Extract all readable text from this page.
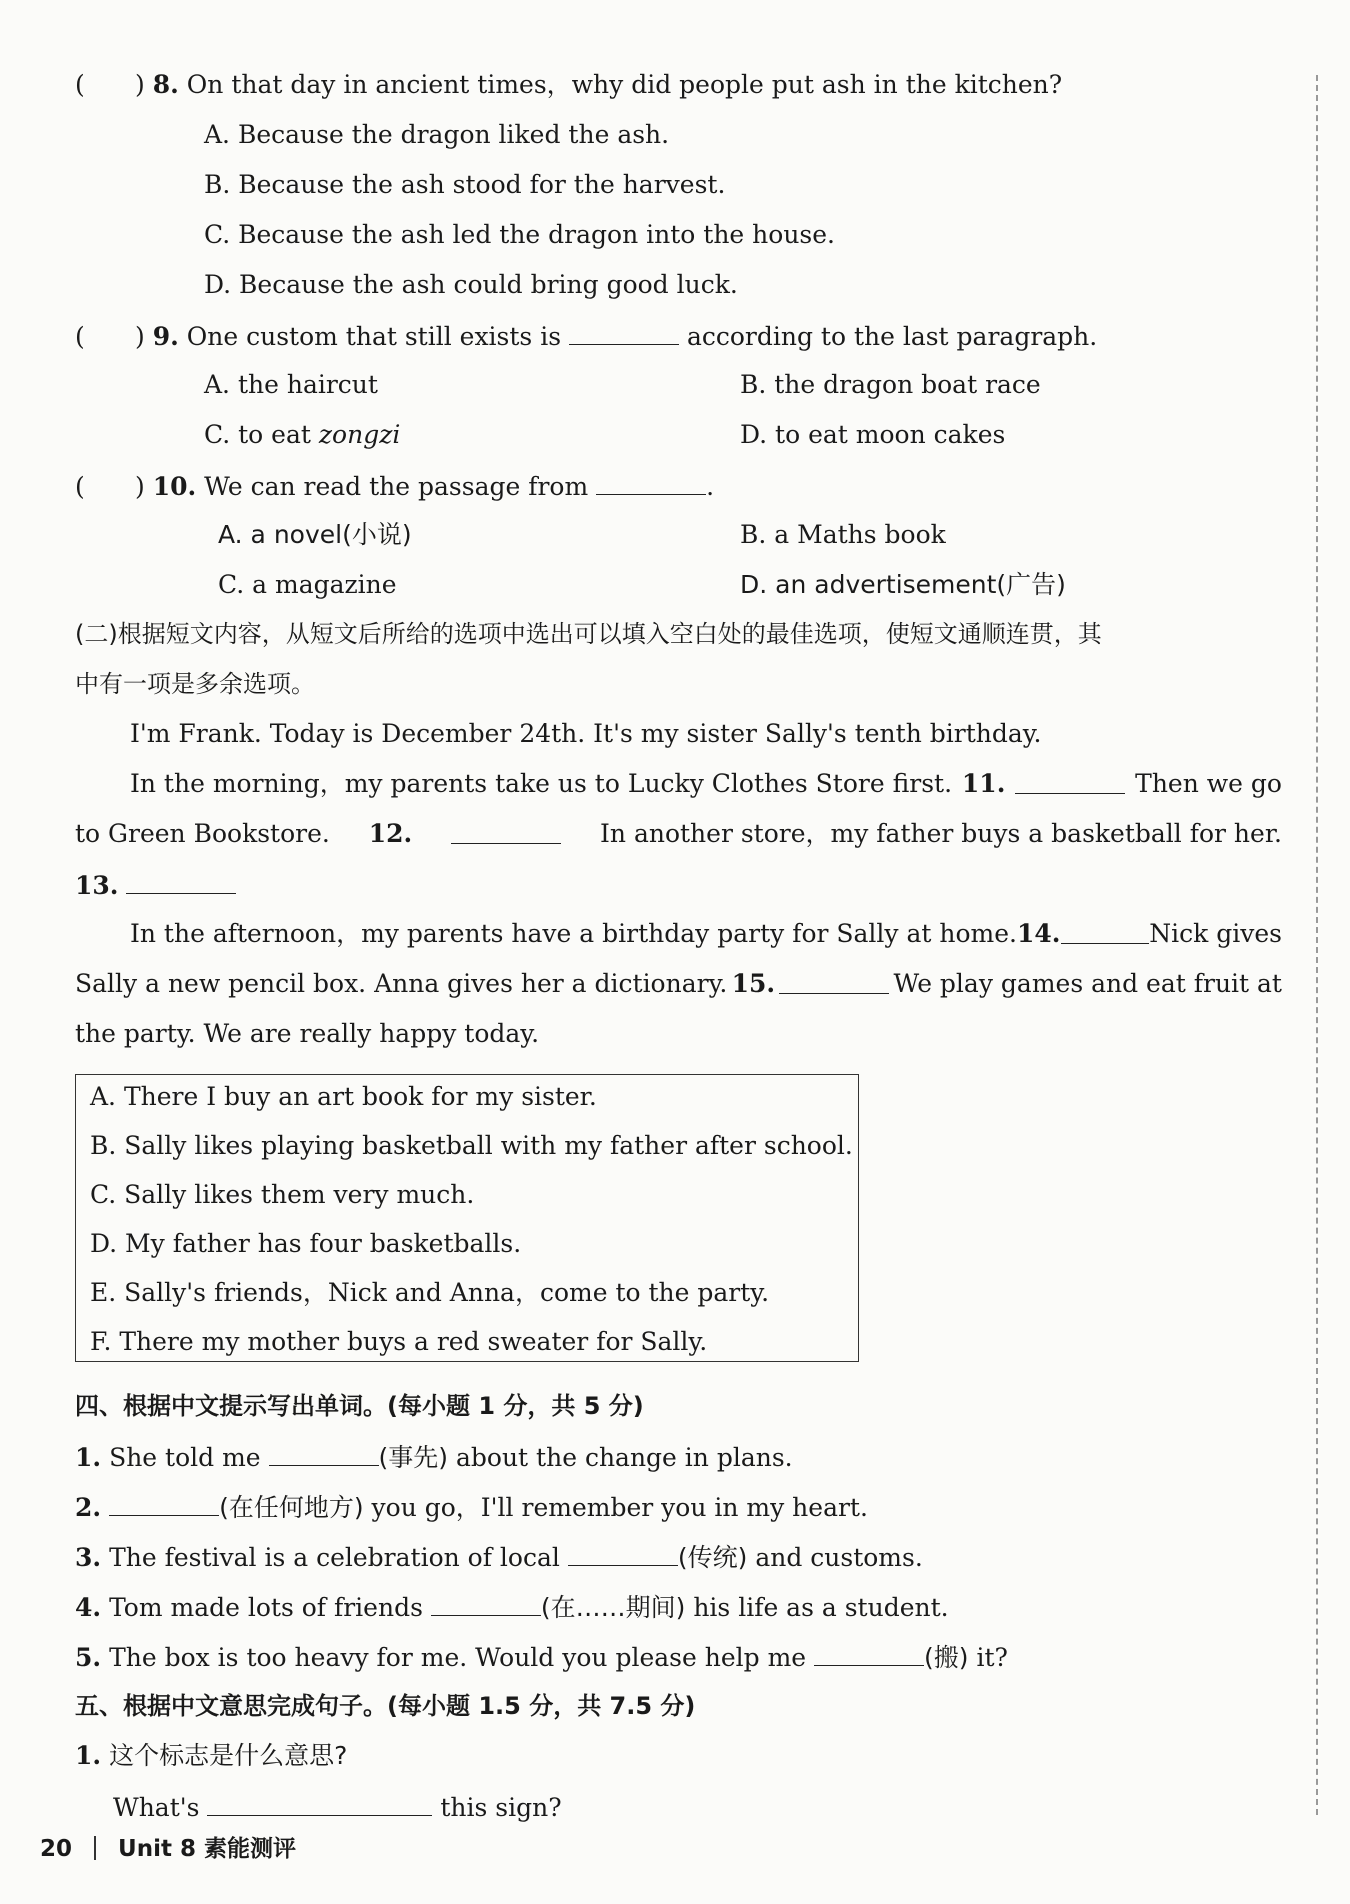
( ) 8. On that day in ancient times，why did people put ash in the kitchen?
A. Because the dragon liked the ash.
B. Because the ash stood for the harvest.
C. Because the ash led the dragon into the house.
D. Because the ash could bring good luck.
( ) 9. One custom that still exists is	according to the last paragraph.
A. the haircut	B. the dragon boat race
C. to eat zongzi	D. to eat moon cakes
( ) 10. We can read the passage from	.
A. a novel(小说)	B. a Maths book
C. a magazine	D. an advertisement(广告)
(二)根据短文内容，从短文后所给的选项中选出可以填入空白处的最佳选项，使短文通顺连贯，其
中有一项是多余选项。
I'm Frank. Today is December 24th. It's my sister Sally's tenth birthday.
In the morning，my parents take us to Lucky Clothes Store first. 11.	Then we go
to Green Bookstore. 12.	In another store，my father buys a basketball for her.
13.
In the afternoon，my parents have a birthday party for Sally at home. 14.	Nick gives
Sally a new pencil box. Anna gives her a dictionary. 15.	We play games and eat fruit at
the party. We are really happy today.
A. There I buy an art book for my sister.
B. Sally likes playing basketball with my father after school.
C. Sally likes them very much.
D. My father has four basketballs.
E. Sally's friends，Nick and Anna，come to the party.
F. There my mother buys a red sweater for Sally.
四、根据中文提示写出单词。(每小题 1 分，共 5 分)
1. She told me	(事先) about the change in plans.
2.	(在任何地方) you go，I'll remember you in my heart.
3. The festival is a celebration of local	(传统) and customs.
4. Tom made lots of friends	(在……期间) his life as a student.
5. The box is too heavy for me. Would you please help me	(搬) it?
五、根据中文意思完成句子。(每小题 1.5 分，共 7.5 分)
1. 这个标志是什么意思?
What's	this sign?
20 Unit 8 素能测评
